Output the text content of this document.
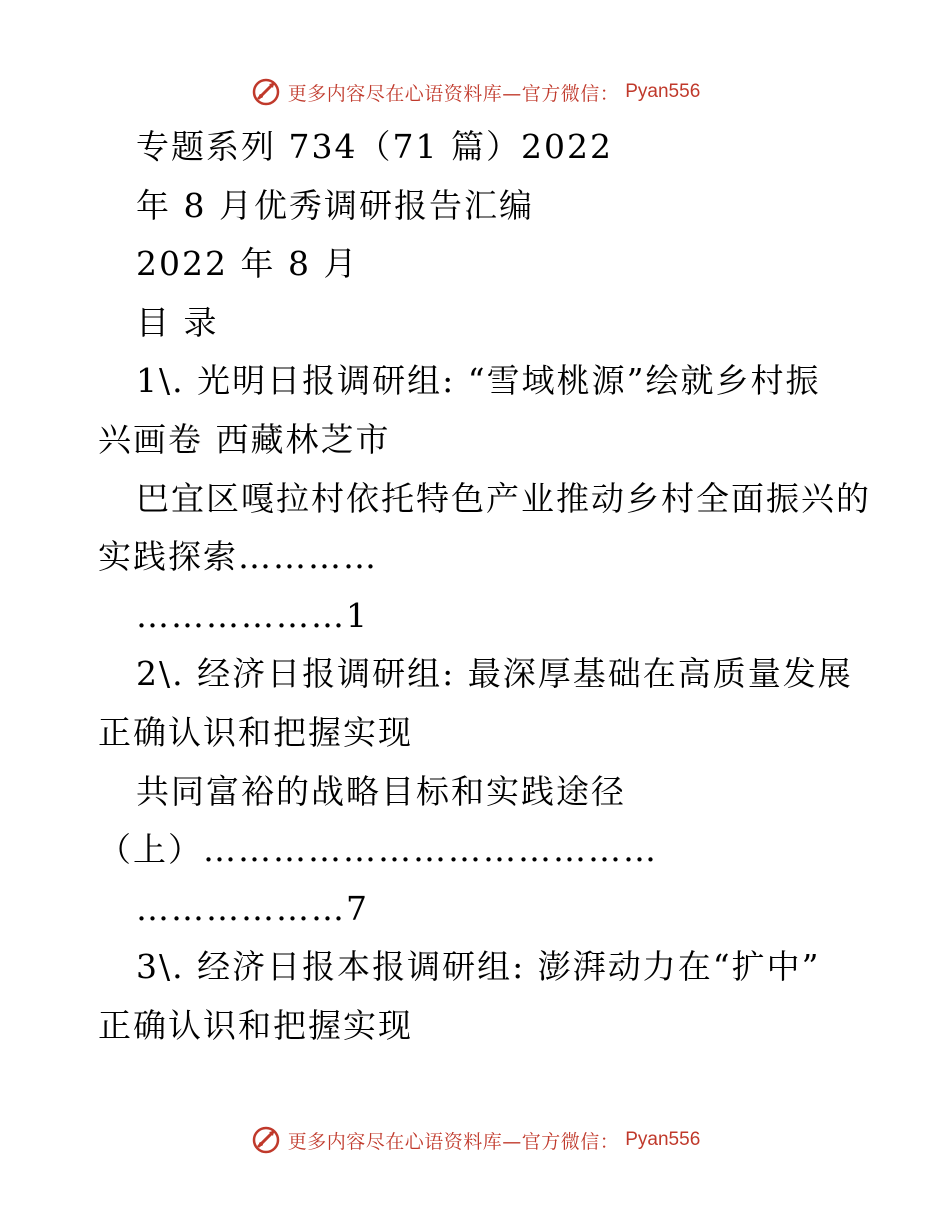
更多内容尽在心语资料库—官方微信： Pyan556
专题系列 734（71 篇）2022
年 8 月优秀调研报告汇编
2022 年 8 月
目 录
1\. 光明日报调研组: “雪域桃源”绘就乡村振
兴画卷 西藏林芝市
巴宜区嘎拉村依托特色产业推动乡村全面振兴的
实践探索…………
………………1
2\. 经济日报调研组: 最深厚基础在高质量发展
正确认识和把握实现
共同富裕的战略目标和实践途径
（上）…………………………………
………………7
3\. 经济日报本报调研组: 澎湃动力在“扩中”
正确认识和把握实现
更多内容尽在心语资料库—官方微信： Pyan556
